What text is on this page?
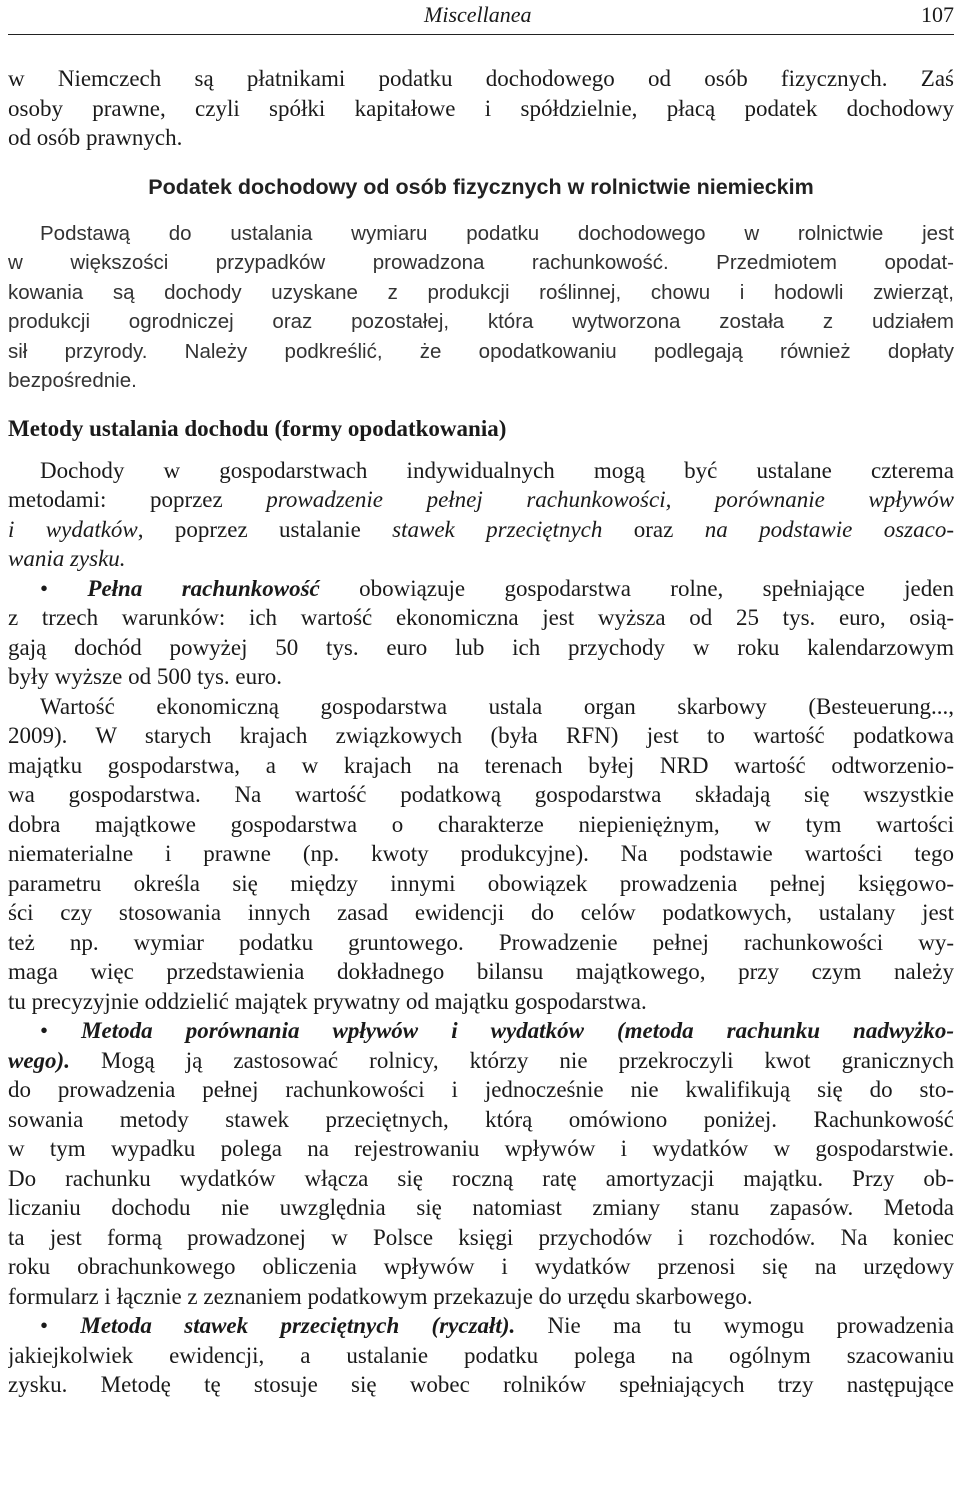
Miscellanea	107
w Niemczech są płatnikami podatku dochodowego od osób fizycznych. Zaś
osoby prawne, czyli spółki kapitałowe i spółdzielnie, płacą podatek dochodowy
od osób prawnych.
Podatek dochodowy od osób fizycznych w rolnictwie niemieckim
Podstawą do ustalania wymiaru podatku dochodowego w rolnictwie jest
w większości przypadków prowadzona rachunkowość. Przedmiotem opodat-
kowania są dochody uzyskane z produkcji roślinnej, chowu i hodowli zwierząt,
produkcji ogrodniczej oraz pozostałej, która wytworzona została z udziałem
sił przyrody. Należy podkreślić, że opodatkowaniu podlegają również dopłaty
bezpośrednie.
Metody ustalania dochodu (formy opodatkowania)
Dochody w gospodarstwach indywidualnych mogą być ustalane czterema
metodami: poprzez prowadzenie pełnej rachunkowości, porównanie wpływów
i wydatków, poprzez ustalanie stawek przeciętnych oraz na podstawie oszaco-
wania zysku.
• Pełna rachunkowość obowiązuje gospodarstwa rolne, spełniające jeden
z trzech warunków: ich wartość ekonomiczna jest wyższa od 25 tys. euro, osią-
gają dochód powyżej 50 tys. euro lub ich przychody w roku kalendarzowym
były wyższe od 500 tys. euro.
Wartość ekonomiczną gospodarstwa ustala organ skarbowy (Besteuerung...,
2009). W starych krajach związkowych (była RFN) jest to wartość podatkowa
majątku gospodarstwa, a w krajach na terenach byłej NRD wartość odtworzenio-
wa gospodarstwa. Na wartość podatkową gospodarstwa składają się wszystkie
dobra majątkowe gospodarstwa o charakterze niepieniężnym, w tym wartości
niematerialne i prawne (np. kwoty produkcyjne). Na podstawie wartości tego
parametru określa się między innymi obowiązek prowadzenia pełnej księgowo-
ści czy stosowania innych zasad ewidencji do celów podatkowych, ustalany jest
też np. wymiar podatku gruntowego. Prowadzenie pełnej rachunkowości wy-
maga więc przedstawienia dokładnego bilansu majątkowego, przy czym należy
tu precyzyjnie oddzielić majątek prywatny od majątku gospodarstwa.
• Metoda porównania wpływów i wydatków (metoda rachunku nadwyżko-
wego). Mogą ją zastosować rolnicy, którzy nie przekroczyli kwot granicznych
do prowadzenia pełnej rachunkowości i jednocześnie nie kwalifikują się do sto-
sowania metody stawek przeciętnych, którą omówiono poniżej. Rachunkowość
w tym wypadku polega na rejestrowaniu wpływów i wydatków w gospodarstwie.
Do rachunku wydatków włącza się roczną ratę amortyzacji majątku. Przy ob-
liczaniu dochodu nie uwzględnia się natomiast zmiany stanu zapasów. Metoda
ta jest formą prowadzonej w Polsce księgi przychodów i rozchodów. Na koniec
roku obrachunkowego obliczenia wpływów i wydatków przenosi się na urzędowy
formularz i łącznie z zeznaniem podatkowym przekazuje do urzędu skarbowego.
• Metoda stawek przeciętnych (ryczałt). Nie ma tu wymogu prowadzenia
jakiejkolwiek ewidencji, a ustalanie podatku polega na ogólnym szacowaniu
zysku. Metodę tę stosuje się wobec rolników spełniających trzy następujące
